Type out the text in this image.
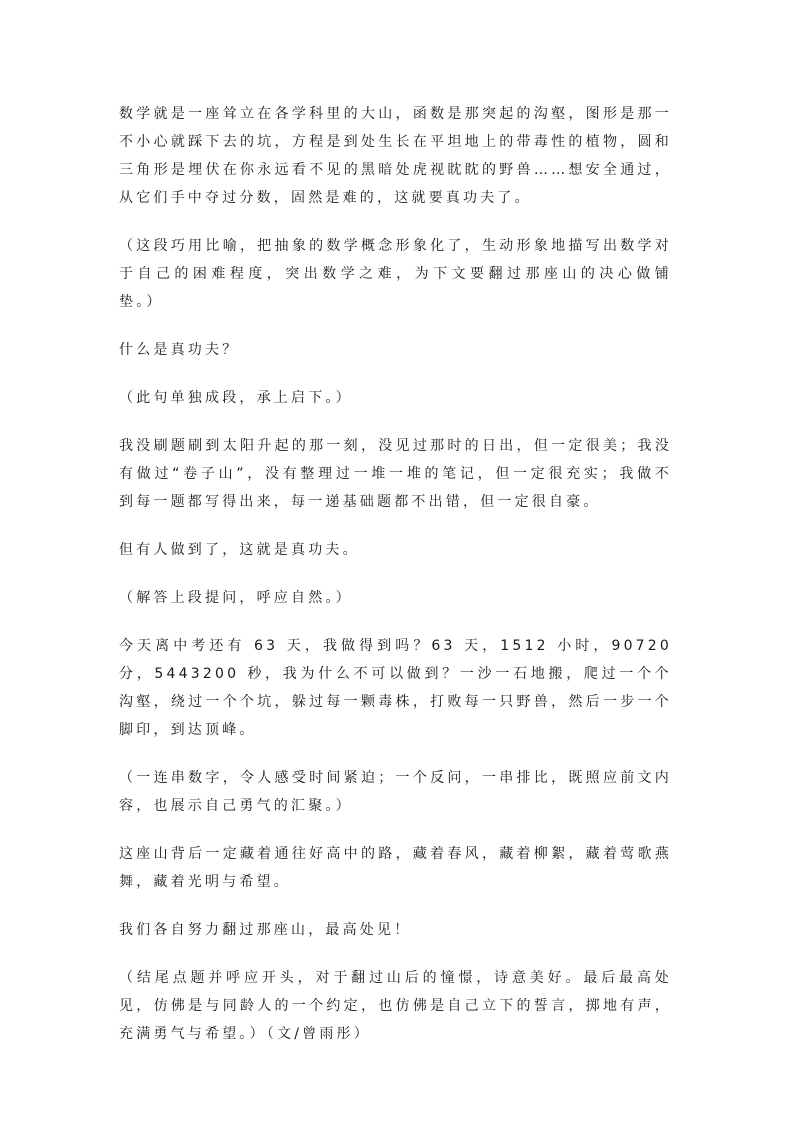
数学就是一座耸立在各学科里的大山，函数是那突起的沟壑，图形是那一不小心就踩下去的坑，方程是到处生长在平坦地上的带毒性的植物，圆和三角形是埋伏在你永远看不见的黑暗处虎视眈眈的野兽……想安全通过，从它们手中夺过分数，固然是难的，这就要真功夫了。

（这段巧用比喻，把抽象的数学概念形象化了，生动形象地描写出数学对于自己的困难程度，突出数学之难，为下文要翻过那座山的决心做铺垫。）

什么是真功夫？

（此句单独成段，承上启下。）

我没刷题刷到太阳升起的那一刻，没见过那时的日出，但一定很美；我没有做过“卷子山”，没有整理过一堆一堆的笔记，但一定很充实；我做不到每一题都写得出来，每一递基础题都不出错，但一定很自豪。

但有人做到了，这就是真功夫。

（解答上段提问，呼应自然。）

今天离中考还有 63 天，我做得到吗？63 天，1512 小时，90720 分，5443200 秒，我为什么不可以做到？一沙一石地搬，爬过一个个沟壑，绕过一个个坑，躲过每一颗毒株，打败每一只野兽，然后一步一个脚印，到达顶峰。

（一连串数字，令人感受时间紧迫；一个反问，一串排比，既照应前文内容，也展示自己勇气的汇聚。）

这座山背后一定藏着通往好高中的路，藏着春风，藏着柳絮，藏着莺歌燕舞，藏着光明与希望。

我们各自努力翻过那座山，最高处见！

（结尾点题并呼应开头，对于翻过山后的憧憬，诗意美好。最后最高处见，仿佛是与同龄人的一个约定，也仿佛是自己立下的誓言，掷地有声，充满勇气与希望。）（文/曾雨彤）
